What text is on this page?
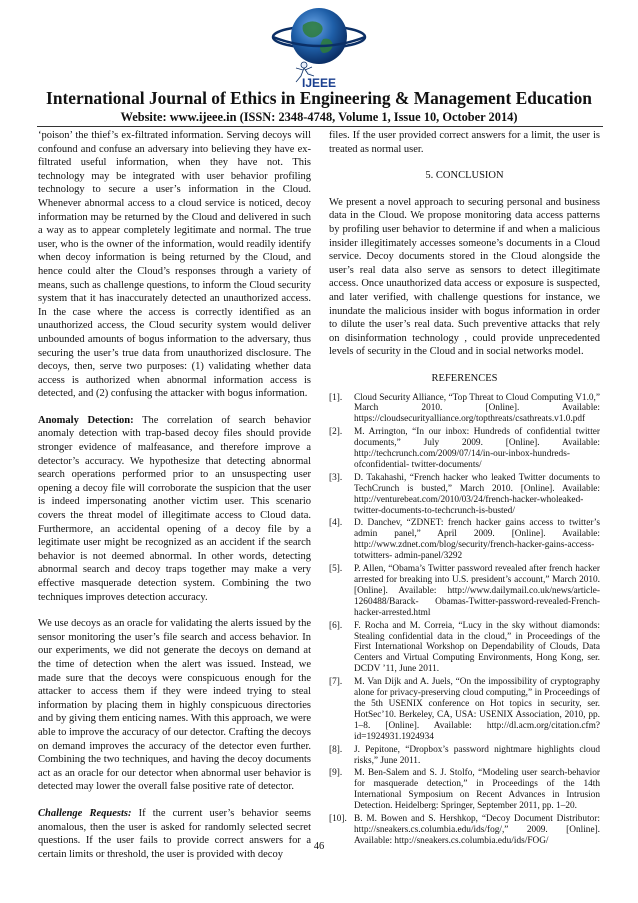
IJEEE
International Journal of Ethics in Engineering & Management Education
Website: www.ijeee.in (ISSN: 2348-4748, Volume 1, Issue 10, October 2014)

‘poison’ the thief’s ex-filtrated information. Serving decoys will confound and confuse an adversary into believing they have ex-filtrated useful information, when they have not. This technology may be integrated with user behavior profiling technology to secure a user’s information in the Cloud. Whenever abnormal access to a cloud service is noticed, decoy information may be returned by the Cloud and delivered in such a way as to appear completely legitimate and normal. The true user, who is the owner of the information, would readily identify when decoy information is being returned by the Cloud, and hence could alter the Cloud’s responses through a variety of means, such as challenge questions, to inform the Cloud security system that it has inaccurately detected an unauthorized access. In the case where the access is correctly identified as an unauthorized access, the Cloud security system would deliver unbounded amounts of bogus information to the adversary, thus securing the user’s true data from unauthorized disclosure. The decoys, then, serve two purposes: (1) validating whether data access is authorized when abnormal information access is detected, and (2) confusing the attacker with bogus information.

Anomaly Detection: The correlation of search behavior anomaly detection with trap-based decoy files should provide stronger evidence of malfeasance, and therefore improve a detector’s accuracy. We hypothesize that detecting abnormal search operations performed prior to an unsuspecting user opening a decoy file will corroborate the suspicion that the user is indeed impersonating another victim user. This scenario covers the threat model of illegitimate access to Cloud data. Furthermore, an accidental opening of a decoy file by a legitimate user might be recognized as an accident if the search behavior is not deemed abnormal. In other words, detecting abnormal search and decoy traps together may make a very effective masquerade detection system. Combining the two techniques improves detection accuracy.

We use decoys as an oracle for validating the alerts issued by the sensor monitoring the user’s file search and access behavior. In our experiments, we did not generate the decoys on demand at the time of detection when the alert was issued. Instead, we made sure that the decoys were conspicuous enough for the attacker to access them if they were indeed trying to steal information by placing them in highly conspicuous directories and by giving them enticing names. With this approach, we were able to improve the accuracy of our detector. Crafting the decoys on demand improves the accuracy of the detector even further. Combining the two techniques, and having the decoy documents act as an oracle for our detector when abnormal user behavior is detected may lower the overall false positive rate of detector.

Challenge Requests: If the current user’s behavior seems anomalous, then the user is asked for randomly selected secret questions. If the user fails to provide correct answers for a certain limits or threshold, the user is provided with decoy

files. If the user provided correct answers for a limit, the user is treated as normal user.

5. CONCLUSION

We present a novel approach to securing personal and business data in the Cloud. We propose monitoring data access patterns by profiling user behavior to determine if and when a malicious insider illegitimately accesses someone’s documents in a Cloud service. Decoy documents stored in the Cloud alongside the user’s real data also serve as sensors to detect illegitimate access. Once unauthorized data access or exposure is suspected, and later verified, with challenge questions for instance, we inundate the malicious insider with bogus information in order to dilute the user’s real data. Such preventive attacks that rely on disinformation technology , could provide unprecedented levels of security in the Cloud and in social networks model.

REFERENCES

[1].	Cloud Security Alliance, “Top Threat to Cloud Computing V1.0,” March 2010. [Online]. Available: https://cloudsecurityalliance.org/topthreats/csathreats.v1.0.pdf
[2].	M. Arrington, “In our inbox: Hundreds of confidential twitter documents,” July 2009. [Online]. Available: http://techcrunch.com/2009/07/14/in-our-inbox-hundreds-ofconfidential- twitter-documents/
[3].	D. Takahashi, “French hacker who leaked Twitter documents to TechCrunch is busted,” March 2010. [Online]. Available: http://venturebeat.com/2010/03/24/french-hacker-wholeaked- twitter-documents-to-techcrunch-is-busted/
[4].	D. Danchev, “ZDNET: french hacker gains access to twitter’s admin panel,” April 2009. [Online]. Available: http://www.zdnet.com/blog/security/french-hacker-gains-access-totwitters- admin-panel/3292
[5].	P. Allen, “Obama’s Twitter password revealed after french hacker arrested for breaking into U.S. president’s account,” March 2010. [Online]. Available: http://www.dailymail.co.uk/news/article-1260488/Barack- Obamas-Twitter-password-revealed-French-hacker-arrested.html
[6].	F. Rocha and M. Correia, “Lucy in the sky without diamonds: Stealing confidential data in the cloud,” in Proceedings of the First International Workshop on Dependability of Clouds, Data Centers and Virtual Computing Environments, Hong Kong, ser. DCDV ’11, June 2011.
[7].	M. Van Dijk and A. Juels, “On the impossibility of cryptography alone for privacy-preserving cloud computing,” in Proceedings of the 5th USENIX conference on Hot topics in security, ser. HotSec’10. Berkeley, CA, USA: USENIX Association, 2010, pp. 1–8. [Online]. Available: http://dl.acm.org/citation.cfm?id=1924931.1924934
[8].	J. Pepitone, “Dropbox’s password nightmare highlights cloud risks,” June 2011.
[9].	M. Ben-Salem and S. J. Stolfo, “Modeling user search-behavior for masquerade detection,” in Proceedings of the 14th International Symposium on Recent Advances in Intrusion Detection. Heidelberg: Springer, September 2011, pp. 1–20.
[10]. B. M. Bowen and S. Hershkop, “Decoy Document Distributor: http://sneakers.cs.columbia.edu/ids/fog/,” 2009. [Online]. Available: http://sneakers.cs.columbia.edu/ids/FOG/
46
